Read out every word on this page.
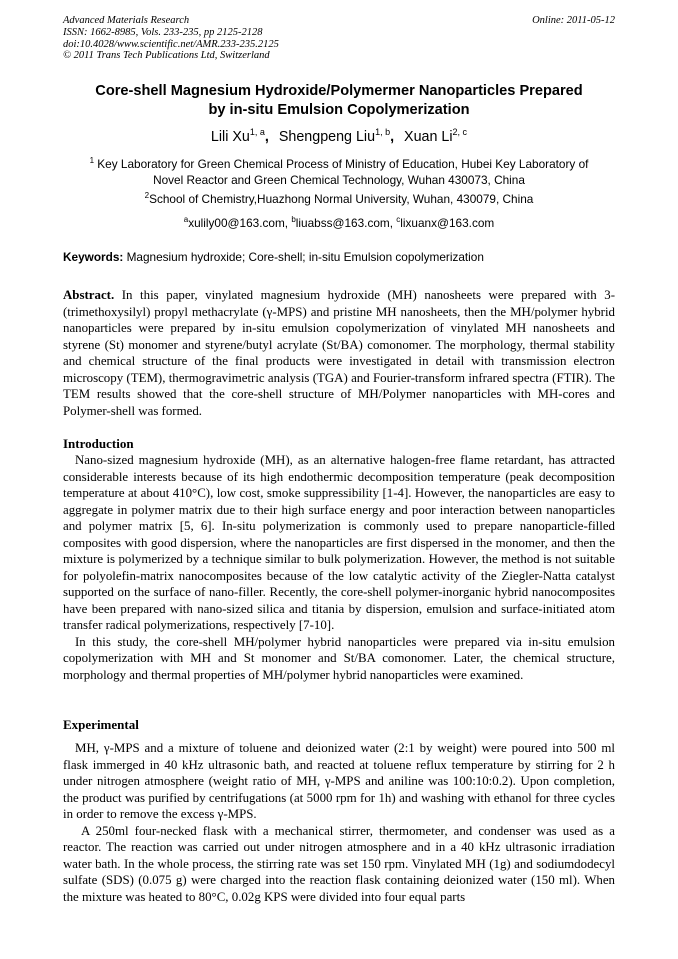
Advanced Materials Research
ISSN: 1662-8985, Vols. 233-235, pp 2125-2128
doi:10.4028/www.scientific.net/AMR.233-235.2125
© 2011 Trans Tech Publications Ltd, Switzerland
Online: 2011-05-12
Core-shell Magnesium Hydroxide/Polymermer Nanoparticles Prepared
by in-situ Emulsion Copolymerization
Lili Xu$^{1, a}$, Shengpeng Liu$^{1, b}$, Xuan Li$^{2, c}$
$^1$ Key Laboratory for Green Chemical Process of Ministry of Education, Hubei Key Laboratory of
Novel Reactor and Green Chemical Technology, Wuhan 430073, China
$^2$School of Chemistry,Huazhong Normal University, Wuhan, 430079, China
$^a$xulily00@163.com, $^b$liuabss@163.com, $^c$lixuanx@163.com
Keywords: Magnesium hydroxide; Core-shell; in-situ Emulsion copolymerization
Abstract. In this paper, vinylated magnesium hydroxide (MH) nanosheets were prepared with 3-(trimethoxysilyl) propyl methacrylate (γ-MPS) and pristine MH nanosheets, then the MH/polymer hybrid nanoparticles were prepared by in-situ emulsion copolymerization of vinylated MH nanosheets and styrene (St) monomer and styrene/butyl acrylate (St/BA) comonomer. The morphology, thermal stability and chemical structure of the final products were investigated in detail with transmission electron microscopy (TEM), thermogravimetric analysis (TGA) and Fourier-transform infrared spectra (FTIR). The TEM results showed that the core-shell structure of MH/Polymer nanoparticles with MH-cores and Polymer-shell was formed.
Introduction

Nano-sized magnesium hydroxide (MH), as an alternative halogen-free flame retardant, has attracted considerable interests because of its high endothermic decomposition temperature (peak decomposition temperature at about 410°C), low cost, smoke suppressibility [1-4]. However, the nanoparticles are easy to aggregate in polymer matrix due to their high surface energy and poor interaction between nanoparticles and polymer matrix [5, 6]. In-situ polymerization is commonly used to prepare nanoparticle-filled composites with good dispersion, where the nanoparticles are first dispersed in the monomer, and then the mixture is polymerized by a technique similar to bulk polymerization. However, the method is not suitable for polyolefin-matrix nanocomposites because of the low catalytic activity of the Ziegler-Natta catalyst supported on the surface of nano-filler. Recently, the core-shell polymer-inorganic hybrid nanocomposites have been prepared with nano-sized silica and titania by dispersion, emulsion and surface-initiated atom transfer radical polymerizations, respectively [7-10].

In this study, the core-shell MH/polymer hybrid nanoparticles were prepared via in-situ emulsion copolymerization with MH and St monomer and St/BA comonomer. Later, the chemical structure, morphology and thermal properties of MH/polymer hybrid nanoparticles were examined.

Experimental

MH, γ-MPS and a mixture of toluene and deionized water (2:1 by weight) were poured into 500 ml flask immerged in 40 kHz ultrasonic bath, and reacted at toluene reflux temperature by stirring for 2 h under nitrogen atmosphere (weight ratio of MH, γ-MPS and aniline was 100:10:0.2). Upon completion, the product was purified by centrifugations (at 5000 rpm for 1h) and washing with ethanol for three cycles in order to remove the excess γ-MPS.

A 250ml four-necked flask with a mechanical stirrer, thermometer, and condenser was used as a reactor. The reaction was carried out under nitrogen atmosphere and in a 40 kHz ultrasonic irradiation water bath. In the whole process, the stirring rate was set 150 rpm. Vinylated MH (1g) and sodiumdodecyl sulfate (SDS) (0.075 g) were charged into the reaction flask containing deionized water (150 ml). When the mixture was heated to 80°C, 0.02g KPS were divided into four equal parts
